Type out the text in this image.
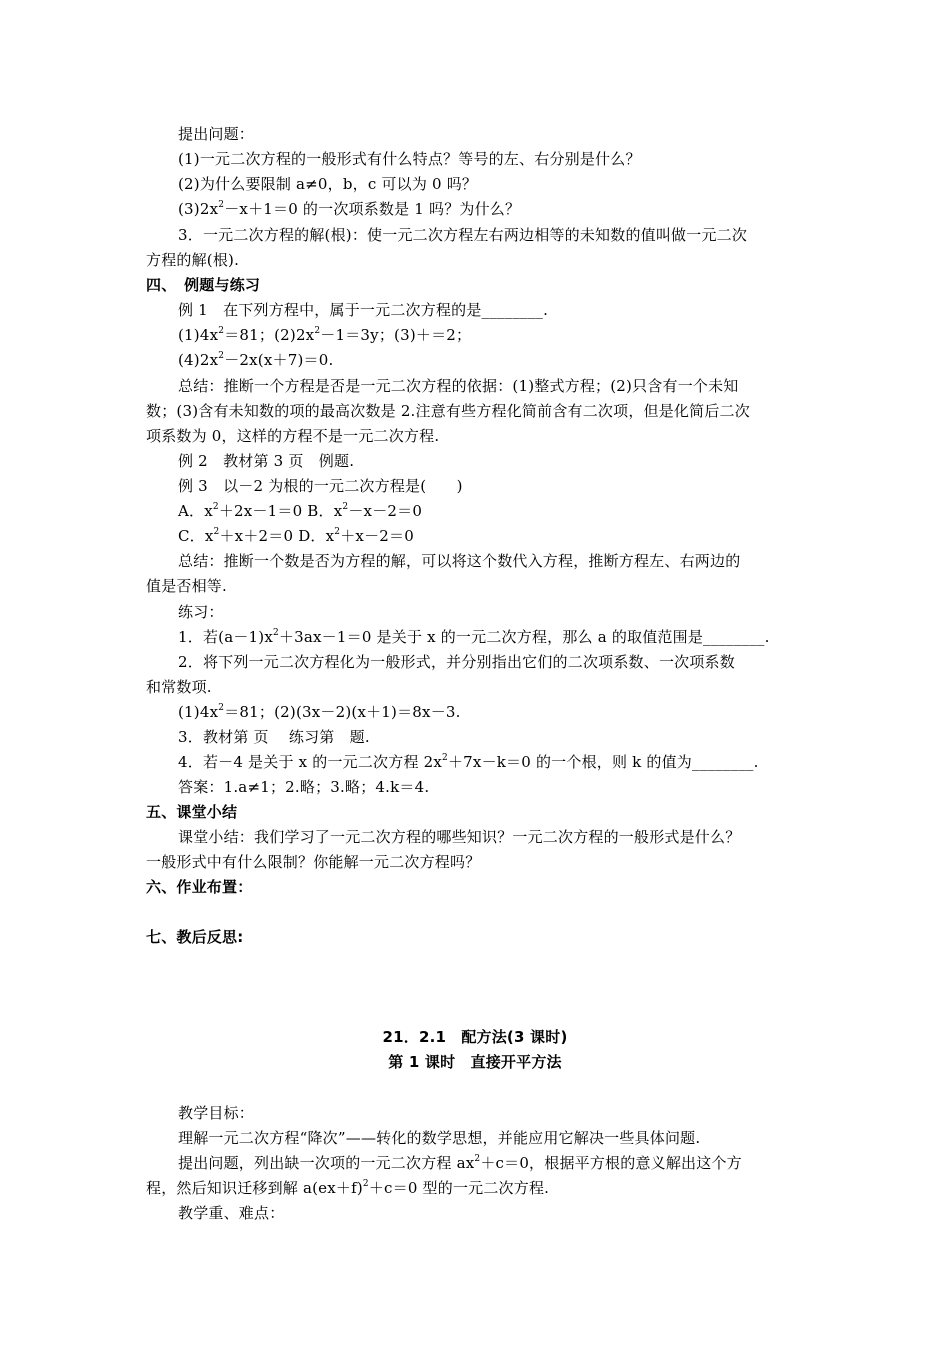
提出问题：
(1)一元二次方程的一般形式有什么特点？等号的左、右分别是什么？
(2)为什么要限制 a≠0，b，c 可以为 0 吗？
$(3)2x^2-x+1=0$ 的一次项系数是 1 吗？为什么？
3．一元二次方程的解(根)：使一元二次方程左右两边相等的未知数的值叫做一元二次
方程的解(根).
四、　例题与练习
例 1　在下列方程中，属于一元二次方程的是________.
$(1)4x^2=81$；$(2)2x^2-1=3y$；(3)＋＝2；
$(4)2x^2-2x(x+7)=0$.
总结：推断一个方程是否是一元二次方程的依据：(1)整式方程；(2)只含有一个未知
数；(3)含有未知数的项的最高次数是 2.注意有些方程化简前含有二次项，但是化简后二次
项系数为 0，这样的方程不是一元二次方程.
例 2　教材第 3 页　例题.
例 3　以－2 为根的一元二次方程是(　　)
A．$x^2+2x-1=0$ B．$x^2-x-2=0$
C．$x^2+x+2=0$ D．$x^2+x-2=0$
总结：推断一个数是否为方程的解，可以将这个数代入方程，推断方程左、右两边的
值是否相等.
练习：
1．若$(a-1)x^2+3ax-1=0$ 是关于 x 的一元二次方程，那么 a 的取值范围是________.
2．将下列一元二次方程化为一般形式，并分别指出它们的二次项系数、一次项系数
和常数项.
$(1)4x^2=81$；(2)(3x－2)(x＋1)＝8x－3.
3．教材第 页　 练习第　题.
4．若－4 是关于 x 的一元二次方程 $2x^2+7x-k=0$ 的一个根，则 k 的值为________.
答案：1.a≠1；2.略；3.略；4.k＝4.
五、课堂小结
课堂小结：我们学习了一元二次方程的哪些知识？一元二次方程的一般形式是什么？
一般形式中有什么限制？你能解一元二次方程吗？
六、作业布置：
七、教后反思:
21．2.1　配方法(3 课时)
第 1 课时　直接开平方法
教学目标：
理解一元二次方程“降次”——转化的数学思想，并能应用它解决一些具体问题.
提出问题，列出缺一次项的一元二次方程 $ax^2+c=0$，根据平方根的意义解出这个方
程，然后知识迁移到解 $a(ex+f)^2+c=0$ 型的一元二次方程.
教学重、难点：
